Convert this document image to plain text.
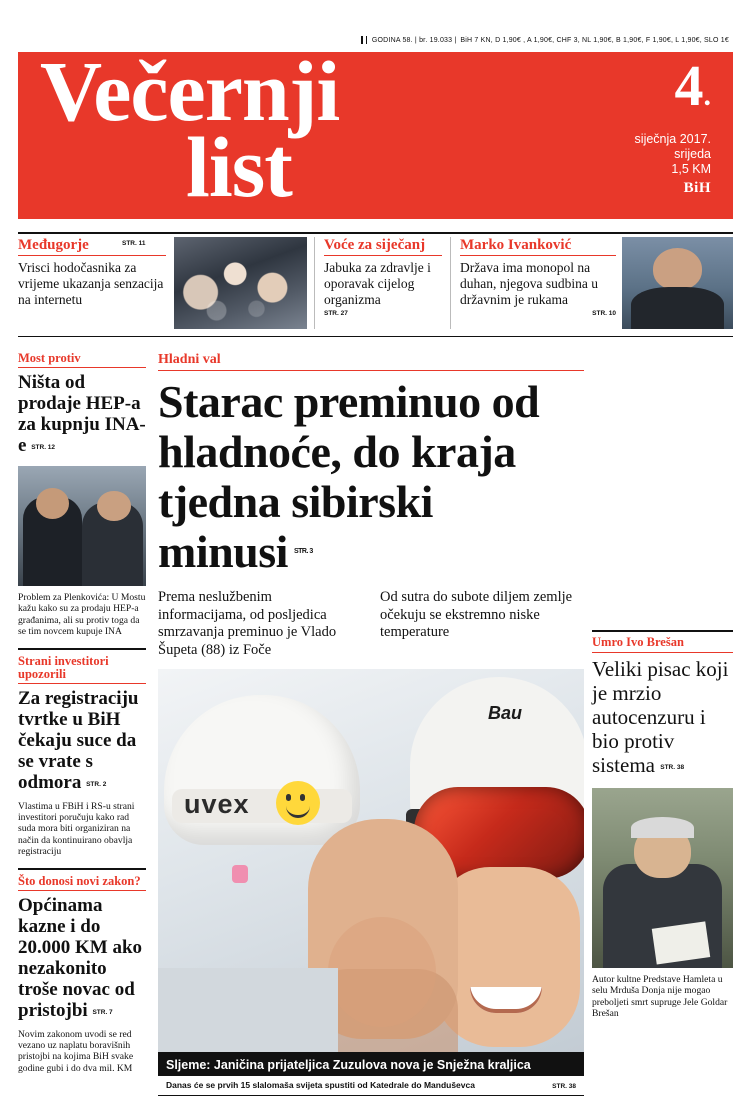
GODINA 58. | br. 19.033 | BiH 7 KN, D 1,90€ , A 1,90€, CHF 3, NL 1,90€, B 1,90€, F 1,90€, L 1,90€, SLO 1€
Večernji
list
4.
siječnja 2017.
srijeda
1,5 KM
BiH
Međugorje	STR. 11
Vrisci hodočasnika za vrijeme ukazanja senzacija na internetu
Voće za siječanj
Jabuka za zdravlje i oporavak cijelog organizma
STR. 27
Marko Ivanković
Država ima monopol na duhan, njegova sudbina u državnim je rukama
STR. 10
Most protiv
Ništa od prodaje HEP-a za kupnju INA-e STR. 12
Problem za Plenkovića: U Mostu kažu kako su za prodaju HEP-a građanima, ali su protiv toga da se tim novcem kupuje INA
Strani investitori upozorili
Za registraciju tvrtke u BiH čekaju suce da se vrate s odmora STR. 2
Vlastima u FBiH i RS-u strani investitori poručuju kako rad suda mora biti organiziran na način da kontinuirano obavlja registraciju
Što donosi novi zakon?
Općinama kazne i do 20.000 KM ako nezakonito troše novac od pristojbi STR. 7
Novim zakonom uvodi se red vezano uz naplatu boravišnih pristojbi na kojima BiH svake godine gubi i do dva mil. KM
Hladni val
Starac preminuo od hladnoće, do kraja tjedna sibirski minusi $^{STR. 3}$
Prema neslužbenim informacijama, od posljedica smrzavanja preminuo je Vlado Šupeta (88) iz Foče
Od sutra do subote diljem zemlje očekuju se ekstremno niske temperature
Bau
uvex
Sljeme: Janičina prijateljica Zuzulova nova je Snježna kraljica
Danas će se prvih 15 slalomaša svijeta spustiti od Katedrale do Manduševca	STR. 38
Umro Ivo Brešan
Veliki pisac koji je mrzio autocenzuru i bio protiv sistema STR. 38
Autor kultne Predstave Hamleta u selu Mrduša Donja nije mogao preboljeti smrt supruge Jele Goldar Brešan
